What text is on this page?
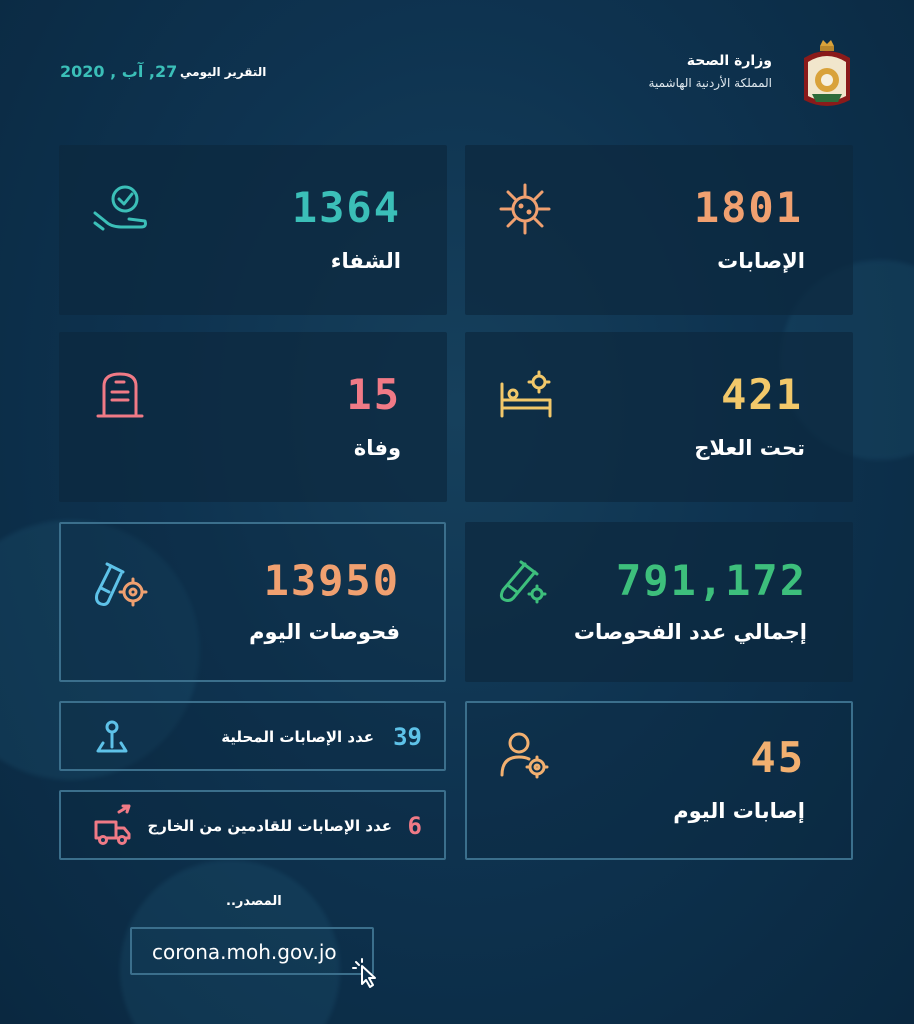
وزارة الصحة
المملكة الأردنية الهاشمية
التقرير اليومي
27, آب , 2020
1801
الإصابات
1364
الشفاء
421
تحت العلاج
15
وفاة
791,172
إجمالي عدد الفحوصات
13950
فحوصات اليوم
45
إصابات اليوم
39
عدد الإصابات المحلية
6
عدد الإصابات للقادمين من الخارج
المصدر..
corona.moh.gov.jo
